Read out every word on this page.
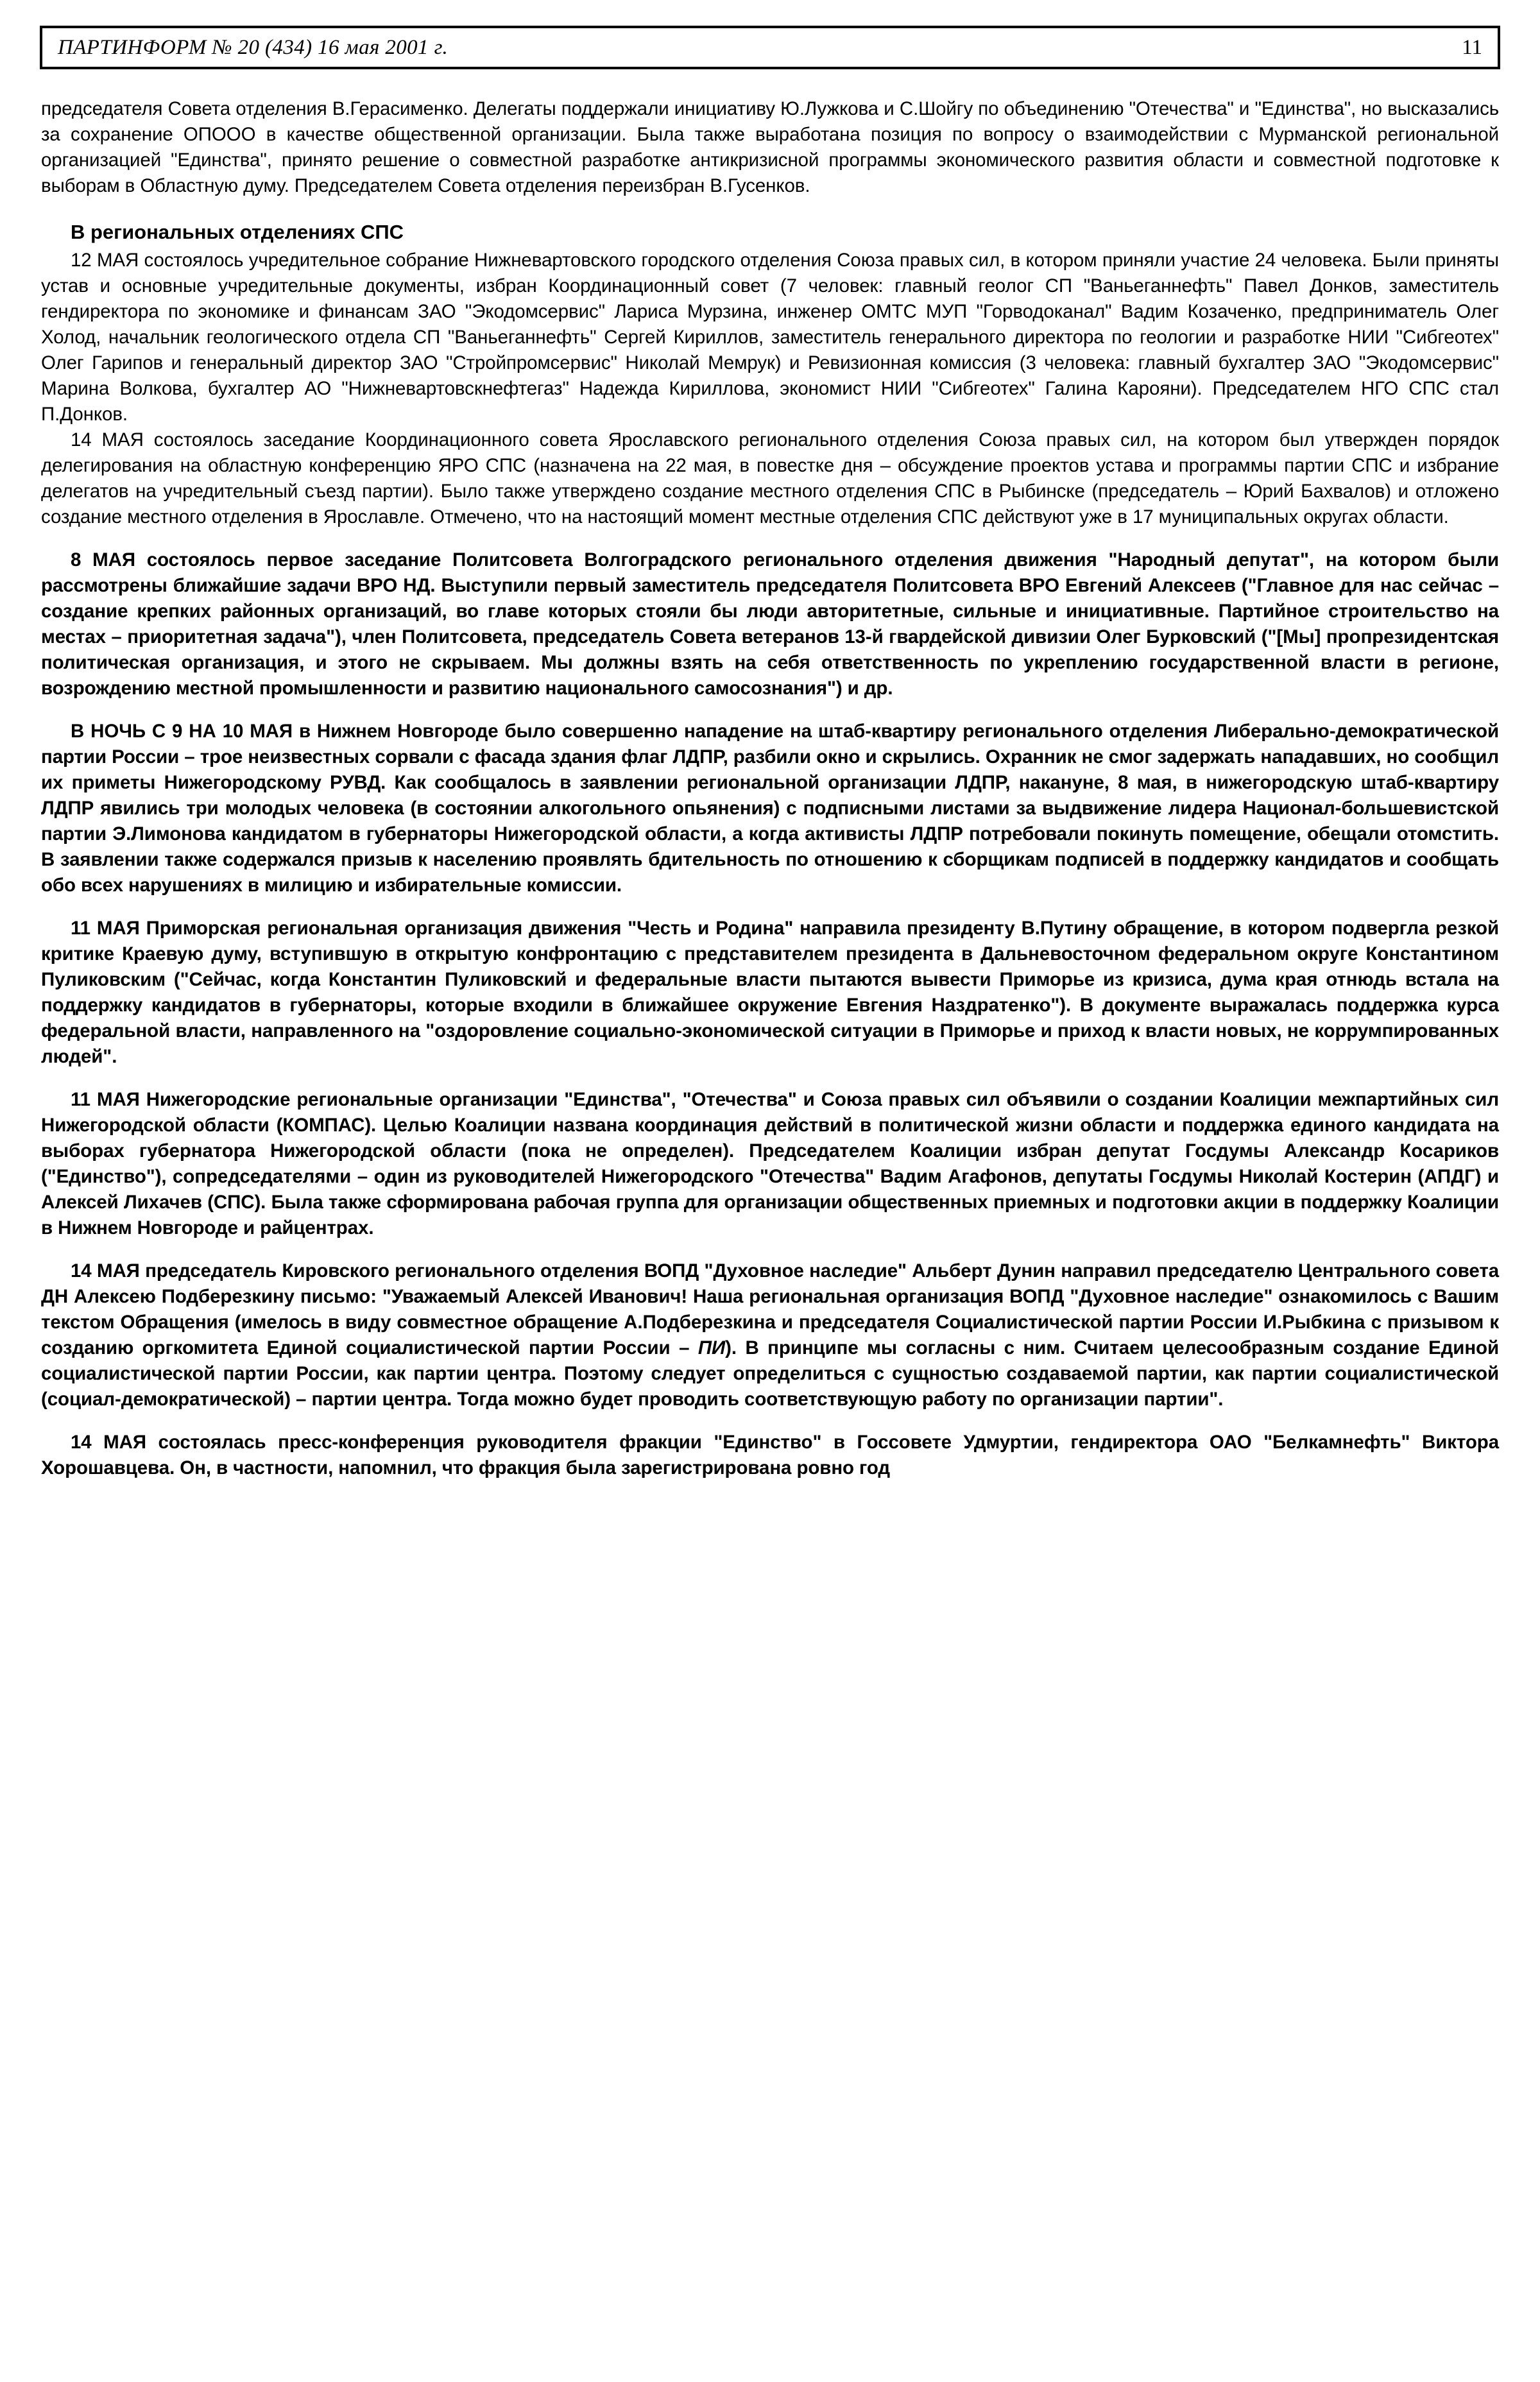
ПАРТИНФОРМ № 20 (434) 16 мая 2001 г.	11

председателя Совета отделения В.Герасименко. Делегаты поддержали инициативу Ю.Лужкова и С.Шойгу по объединению "Отечества" и "Единства", но высказались за сохранение ОПООО в качестве общественной организации. Была также выработана позиция по вопросу о взаимодействии с Мурманской региональной организацией "Единства", принято решение о совместной разработке антикризисной программы экономического развития области и совместной подготовке к выборам в Областную думу. Председателем Совета отделения переизбран В.Гусенков.

В региональных отделениях СПС

12 МАЯ состоялось учредительное собрание Нижневартовского городского отделения Союза правых сил, в котором приняли участие 24 человека. Были приняты устав и основные учредительные документы, избран Координационный совет (7 человек: главный геолог СП "Ваньеганнефть" Павел Донков, заместитель гендиректора по экономике и финансам ЗАО "Экодомсервис" Лариса Мурзина, инженер ОМТС МУП "Горводоканал" Вадим Козаченко, предприниматель Олег Холод, начальник геологического отдела СП "Ваньеганнефть" Сергей Кириллов, заместитель генерального директора по геологии и разработке НИИ "Сибгеотех" Олег Гарипов и генеральный директор ЗАО "Стройпромсервис" Николай Мемрук) и Ревизионная комиссия (3 человека: главный бухгалтер ЗАО "Экодомсервис" Марина Волкова, бухгалтер АО "Нижневартовскнефтегаз" Надежда Кириллова, экономист НИИ "Сибгеотех" Галина Карояни). Председателем НГО СПС стал П.Донков.

14 МАЯ состоялось заседание Координационного совета Ярославского регионального отделения Союза правых сил, на котором был утвержден порядок делегирования на областную конференцию ЯРО СПС (назначена на 22 мая, в повестке дня – обсуждение проектов устава и программы партии СПС и избрание делегатов на учредительный съезд партии). Было также утверждено создание местного отделения СПС в Рыбинске (председатель – Юрий Бахвалов) и отложено создание местного отделения в Ярославле. Отмечено, что на настоящий момент местные отделения СПС действуют уже в 17 муниципальных округах области.

8 МАЯ состоялось первое заседание Политсовета Волгоградского регионального отделения движения "Народный депутат", на котором были рассмотрены ближайшие задачи ВРО НД. Выступили первый заместитель председателя Политсовета ВРО Евгений Алексеев ("Главное для нас сейчас – создание крепких районных организаций, во главе которых стояли бы люди авторитетные, сильные и инициативные. Партийное строительство на местах – приоритетная задача"), член Политсовета, председатель Совета ветеранов 13-й гвардейской дивизии Олег Бурковский ("[Мы] пропрезидентская политическая организация, и этого не скрываем. Мы должны взять на себя ответственность по укреплению государственной власти в регионе, возрождению местной промышленности и развитию национального самосознания") и др.

В НОЧЬ С 9 НА 10 МАЯ в Нижнем Новгороде было совершенно нападение на штаб-квартиру регионального отделения Либерально-демократической партии России – трое неизвестных сорвали с фасада здания флаг ЛДПР, разбили окно и скрылись. Охранник не смог задержать нападавших, но сообщил их приметы Нижегородскому РУВД. Как сообщалось в заявлении региональной организации ЛДПР, накануне, 8 мая, в нижегородскую штаб-квартиру ЛДПР явились три молодых человека (в состоянии алкогольного опьянения) с подписными листами за выдвижение лидера Национал-большевистской партии Э.Лимонова кандидатом в губернаторы Нижегородской области, а когда активисты ЛДПР потребовали покинуть помещение, обещали отомстить. В заявлении также содержался призыв к населению проявлять бдительность по отношению к сборщикам подписей в поддержку кандидатов и сообщать обо всех нарушениях в милицию и избирательные комиссии.

11 МАЯ Приморская региональная организация движения "Честь и Родина" направила президенту В.Путину обращение, в котором подвергла резкой критике Краевую думу, вступившую в открытую конфронтацию с представителем президента в Дальневосточном федеральном округе Константином Пуликовским ("Сейчас, когда Константин Пуликовский и федеральные власти пытаются вывести Приморье из кризиса, дума края отнюдь встала на поддержку кандидатов в губернаторы, которые входили в ближайшее окружение Евгения Наздратенко"). В документе выражалась поддержка курса федеральной власти, направленного на "оздоровление социально-экономической ситуации в Приморье и приход к власти новых, не коррумпированных людей".

11 МАЯ Нижегородские региональные организации "Единства", "Отечества" и Союза правых сил объявили о создании Коалиции межпартийных сил Нижегородской области (КОМПАС). Целью Коалиции названа координация действий в политической жизни области и поддержка единого кандидата на выборах губернатора Нижегородской области (пока не определен). Председателем Коалиции избран депутат Госдумы Александр Косариков ("Единство"), сопредседателями – один из руководителей Нижегородского "Отечества" Вадим Агафонов, депутаты Госдумы Николай Костерин (АПДГ) и Алексей Лихачев (СПС). Была также сформирована рабочая группа для организации общественных приемных и подготовки акции в поддержку Коалиции в Нижнем Новгороде и райцентрах.

14 МАЯ председатель Кировского регионального отделения ВОПД "Духовное наследие" Альберт Дунин направил председателю Центрального совета ДН Алексею Подберезкину письмо: "Уважаемый Алексей Иванович! Наша региональная организация ВОПД "Духовное наследие" ознакомилось с Вашим текстом Обращения (имелось в виду совместное обращение А.Подберезкина и председателя Социалистической партии России И.Рыбкина с призывом к созданию оргкомитета Единой социалистической партии России – ПИ). В принципе мы согласны с ним. Считаем целесообразным создание Единой социалистической партии России, как партии центра. Поэтому следует определиться с сущностью создаваемой партии, как партии социалистической (социал-демократической) – партии центра. Тогда можно будет проводить соответствующую работу по организации партии".

14 МАЯ состоялась пресс-конференция руководителя фракции "Единство" в Госсовете Удмуртии, гендиректора ОАО "Белкамнефть" Виктора Хорошавцева. Он, в частности, напомнил, что фракция была зарегистрирована ровно год
